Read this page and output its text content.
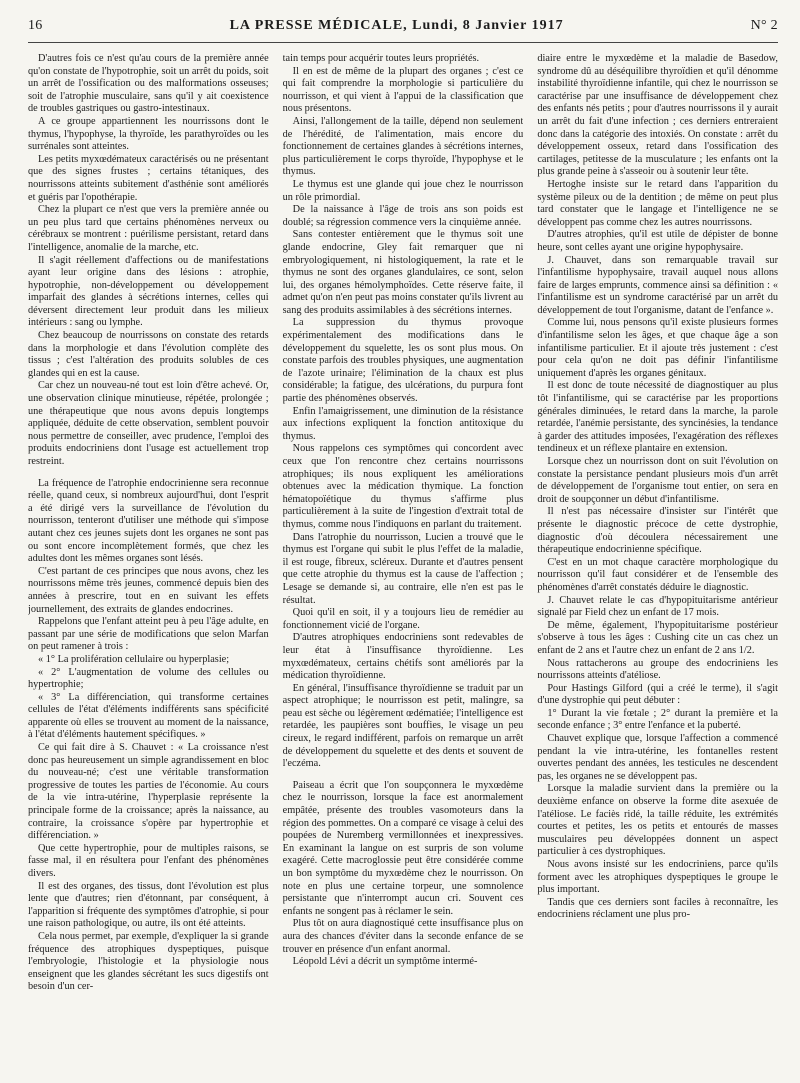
16	LA PRESSE MÉDICALE, Lundi, 8 Janvier 1917	N° 2

D'autres fois ce n'est qu'au cours de la première année qu'on constate de l'hypotrophie, soit un arrêt du poids, soit un arrêt de l'ossification ou des malformations osseuses; soit de l'atrophie musculaire, sans qu'il y ait coexistence de troubles gastriques ou gastro-intestinaux.

A ce groupe appartiennent les nourrissons dont le thymus, l'hypophyse, la thyroïde, les parathyroïdes ou les surrénales sont atteintes.

Les petits myxœdémateux caractérisés ou ne présentant que des signes frustes ; certains tétaniques, des nourrissons atteints subitement d'asthénie sont améliorés et guéris par l'opothérapie.

Chez la plupart ce n'est que vers la première année ou un peu plus tard que certains phénomènes nerveux ou cérébraux se montrent : puérilisme persistant, retard dans l'intelligence, anomalie de la marche, etc.

Il s'agit réellement d'affections ou de manifestations ayant leur origine dans des lésions : atrophie, hypotrophie, non-développement ou développement imparfait des glandes à sécrétions internes, celles qui déversent directement leur produit dans les milieux intérieurs : sang ou lymphe.

Chez beaucoup de nourrissons on constate des retards dans la morphologie et dans l'évolution complète des tissus ; c'est l'altération des produits solubles de ces glandes qui en est la cause.

Car chez un nouveau-né tout est loin d'être achevé. Or, une observation clinique minutieuse, répétée, prolongée ; une thérapeutique que nous avons depuis longtemps appliquée, déduite de cette observation, semblent pouvoir nous permettre de conseiller, avec prudence, l'emploi des produits endocriniens dont l'usage est actuellement trop restreint.

La fréquence de l'atrophie endocrinienne sera reconnue réelle, quand ceux, si nombreux aujourd'hui, dont l'esprit a été dirigé vers la surveillance de l'évolution du nourrisson, tenteront d'utiliser une méthode qui s'impose autant chez ces jeunes sujets dont les organes ne sont pas ou sont encore incomplètement formés, que chez les adultes dont les mêmes organes sont lésés.

C'est partant de ces principes que nous avons, chez les nourrissons même très jeunes, commencé depuis bien des années à prescrire, tout en en suivant les effets journellement, des extraits de glandes endocrines.

Rappelons que l'enfant atteint peu à peu l'âge adulte, en passant par une série de modifications que selon Marfan on peut ramener à trois :

« 1° La prolifération cellulaire ou hyperplasie;

« 2° L'augmentation de volume des cellules ou hypertrophie;

« 3° La différenciation, qui transforme certaines cellules de l'état d'éléments indifférents sans spécificité apparente où elles se trouvent au moment de la naissance, à l'état d'éléments hautement spécifiques. »

Ce qui fait dire à S. Chauvet : « La croissance n'est donc pas heureusement un simple agrandissement en bloc du nouveau-né; c'est une véritable transformation progressive de toutes les parties de l'économie. Au cours de la vie intra-utérine, l'hyperplasie représente la principale forme de la croissance; après la naissance, au contraire, la croissance s'opère par hypertrophie et différenciation. »

Que cette hypertrophie, pour de multiples raisons, se fasse mal, il en résultera pour l'enfant des phénomènes divers.

Il est des organes, des tissus, dont l'évolution est plus lente que d'autres; rien d'étonnant, par conséquent, à l'apparition si fréquente des symptômes d'atrophie, si pour une raison pathologique, ou autre, ils ont été atteints.

Cela nous permet, par exemple, d'expliquer la si grande fréquence des atrophiques dyspeptiques, puisque l'embryologie, l'histologie et la physiologie nous enseignent que les glandes sécrétant les sucs digestifs ont besoin d'un cer-

tain temps pour acquérir toutes leurs propriétés.

Il en est de même de la plupart des organes ; c'est ce qui fait comprendre la morphologie si particulière du nourrisson, et qui vient à l'appui de la classification que nous présentons.

Ainsi, l'allongement de la taille, dépend non seulement de l'hérédité, de l'alimentation, mais encore du fonctionnement de certaines glandes à sécrétions internes, plus particulièrement le corps thyroïde, l'hypophyse et le thymus.

Le thymus est une glande qui joue chez le nourrisson un rôle primordial.

De la naissance à l'âge de trois ans son poids est doublé; sa régression commence vers la cinquième année.

Sans contester entièrement que le thymus soit une glande endocrine, Gley fait remarquer que ni embryologiquement, ni histologiquement, la rate et le thymus ne sont des organes glandulaires, ce sont, selon lui, des organes hémolymphoïdes. Cette réserve faite, il admet qu'on n'en peut pas moins constater qu'ils livrent au sang des produits assimilables à des sécrétions internes.

La suppression du thymus provoque expérimentalement des modifications dans le développement du squelette, les os sont plus mous. On constate parfois des troubles physiques, une augmentation de l'azote urinaire; l'élimination de la chaux est plus considérable; la fatigue, des ulcérations, du purpura font partie des phénomènes observés.

Enfin l'amaigrissement, une diminution de la résistance aux infections expliquent la fonction antitoxique du thymus.

Nous rappelons ces symptômes qui concordent avec ceux que l'on rencontre chez certains nourrissons atrophiques; ils nous expliquent les améliorations obtenues avec la médication thymique. La fonction hématopoïétique du thymus s'affirme plus particulièrement à la suite de l'ingestion d'extrait total de thymus, comme nous l'indiquons en parlant du traitement.

Dans l'atrophie du nourrisson, Lucien a trouvé que le thymus est l'organe qui subit le plus l'effet de la maladie, il est rouge, fibreux, scléreux. Durante et d'autres pensent que cette atrophie du thymus est la cause de l'affection ; Lesage se demande si, au contraire, elle n'en est pas le résultat.

Quoi qu'il en soit, il y a toujours lieu de remédier au fonctionnement vicié de l'organe.

D'autres atrophiques endocriniens sont redevables de leur état à l'insuffisance thyroïdienne. Les myxœdémateux, certains chétifs sont améliorés par la médication thyroïdienne.

En général, l'insuffisance thyroïdienne se traduit par un aspect atrophique; le nourrisson est petit, malingre, sa peau est sèche ou légèrement œdématiée; l'intelligence est retardée, les paupières sont bouffies, le visage un peu cireux, le regard indifférent, parfois on remarque un arrêt de développement du squelette et des dents et souvent de l'eczéma.

Paiseau a écrit que l'on soupçonnera le myxœdème chez le nourrisson, lorsque la face est anormalement empâtée, présente des troubles vasomoteurs dans la région des pommettes. On a comparé ce visage à celui des poupées de Nuremberg vermillonnées et inexpressives. En examinant la langue on est surpris de son volume exagéré. Cette macroglossie peut être considérée comme un bon symptôme du myxœdème chez le nourrisson. On note en plus une certaine torpeur, une somnolence persistante que n'interrompt aucun cri. Souvent ces enfants ne songent pas à réclamer le sein.

Plus tôt on aura diagnostiqué cette insuffisance plus on aura des chances d'éviter dans la seconde enfance de se trouver en présence d'un enfant anormal.

Léopold Lévi a décrit un symptôme intermé-

diaire entre le myxœdème et la maladie de Basedow, syndrome dû au déséquilibre thyroïdien et qu'il dénomme instabilité thyroïdienne infantile, qui chez le nourrisson se caractérise par une insuffisance de développement chez des enfants nés petits ; pour d'autres nourrissons il y aurait un arrêt du fait d'une infection ; ces derniers entreraient donc dans la catégorie des intoxiés. On constate : arrêt du développement osseux, retard dans l'ossification des cartilages, petitesse de la musculature ; les enfants ont la plus grande peine à s'asseoir ou à soutenir leur tête.

Hertoghe insiste sur le retard dans l'apparition du système pileux ou de la dentition ; de même on peut plus tard constater que le langage et l'intelligence ne se développent pas comme chez les autres nourrissons.

D'autres atrophies, qu'il est utile de dépister de bonne heure, sont celles ayant une origine hypophysaire.

J. Chauvet, dans son remarquable travail sur l'infantilisme hypophysaire, travail auquel nous allons faire de larges emprunts, commence ainsi sa définition : « l'infantilisme est un syndrome caractérisé par un arrêt du développement de tout l'organisme, datant de l'enfance ».

Comme lui, nous pensons qu'il existe plusieurs formes d'infantilisme selon les âges, et que chaque âge a son infantilisme particulier. Et il ajoute très justement : c'est pour cela qu'on ne doit pas définir l'infantilisme uniquement d'après les organes génitaux.

Il est donc de toute nécessité de diagnostiquer au plus tôt l'infantilisme, qui se caractérise par les proportions générales diminuées, le retard dans la marche, la parole retardée, l'anémie persistante, des syncinésies, la tendance à garder des attitudes imposées, l'exagération des réflexes tendineux et un réflexe plantaire en extension.

Lorsque chez un nourrisson dont on suit l'évolution on constate la persistance pendant plusieurs mois d'un arrêt de développement de l'organisme tout entier, on sera en droit de soupçonner un début d'infantilisme.

Il n'est pas nécessaire d'insister sur l'intérêt que présente le diagnostic précoce de cette dystrophie, diagnostic d'où découlera nécessairement une thérapeutique endocrinienne spécifique.

C'est en un mot chaque caractère morphologique du nourrisson qu'il faut considérer et de l'ensemble des phénomènes d'arrêt constatés déduire le diagnostic.

J. Chauvet relate le cas d'hypopituitarisme antérieur signalé par Field chez un enfant de 17 mois.

De même, également, l'hypopituitarisme postérieur s'observe à tous les âges : Cushing cite un cas chez un enfant de 2 ans et l'autre chez un enfant de 2 ans 1/2.

Nous rattacherons au groupe des endocriniens les nourrissons atteints d'atéliose.

Pour Hastings Gilford (qui a créé le terme), il s'agit d'une dystrophie qui peut débuter :

1° Durant la vie fœtale ; 2° durant la première et la seconde enfance ; 3° entre l'enfance et la puberté.

Chauvet explique que, lorsque l'affection a commencé pendant la vie intra-utérine, les fontanelles restent ouvertes pendant des années, les testicules ne descendent pas, les organes ne se développent pas.

Lorsque la maladie survient dans la première ou la deuxième enfance on observe la forme dite asexuée de l'atéliose. Le faciès ridé, la taille réduite, les extrémités courtes et petites, les os petits et entourés de masses musculaires peu développées donnent un aspect particulier à ces dystrophiques.

Nous avons insisté sur les endocriniens, parce qu'ils forment avec les atrophiques dyspeptiques le groupe le plus important.

Tandis que ces derniers sont faciles à reconnaître, les endocriniens réclament une plus pro-
